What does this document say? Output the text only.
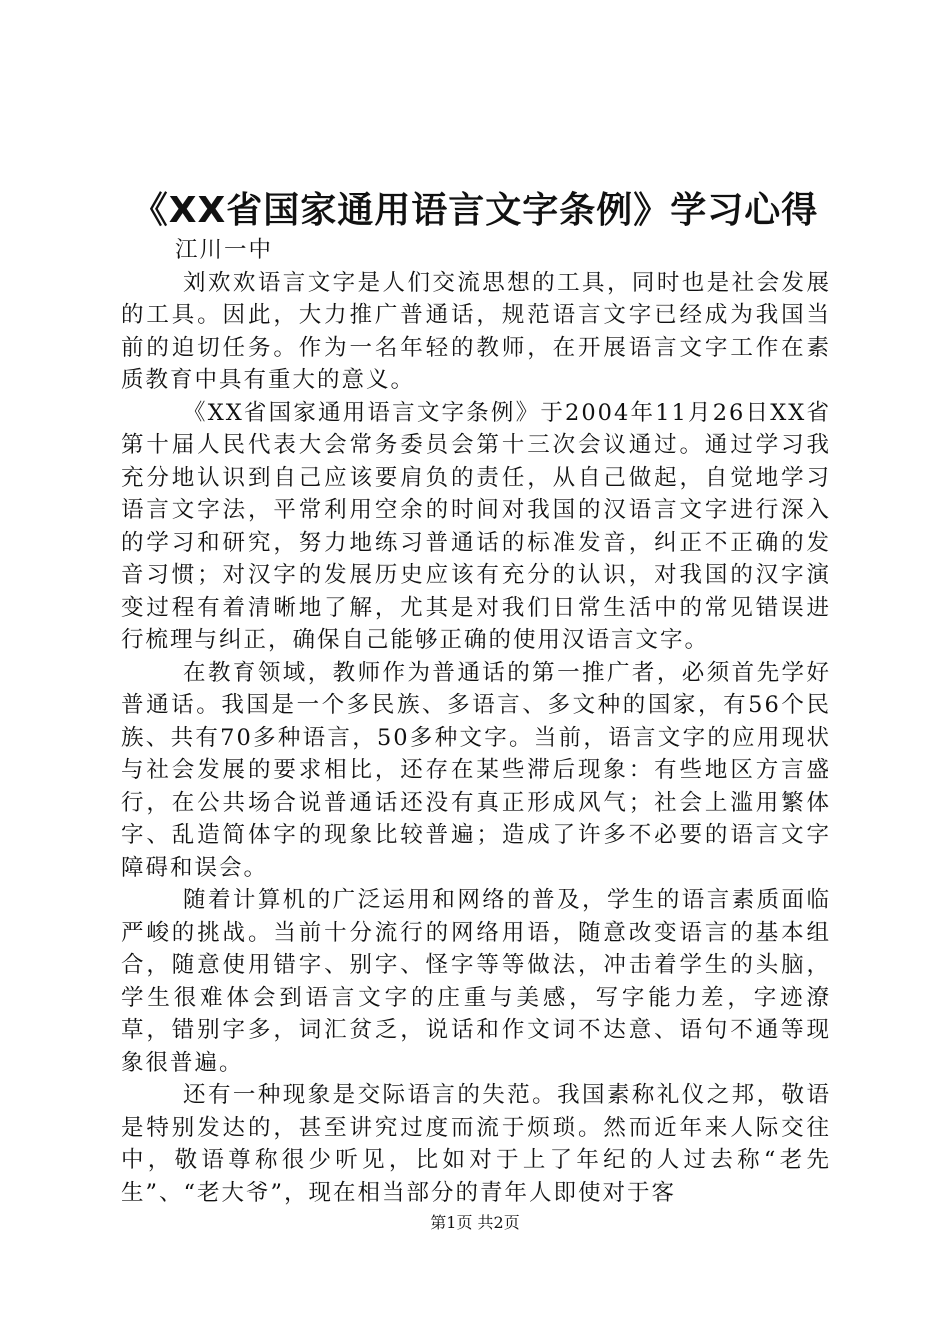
《XX省国家通用语言文字条例》学习心得

江川一中

刘欢欢语言文字是人们交流思想的工具，同时也是社会发展的工具。因此，大力推广普通话，规范语言文字已经成为我国当前的迫切任务。作为一名年轻的教师，在开展语言文字工作在素质教育中具有重大的意义。

《XX省国家通用语言文字条例》于2004年11月26日XX省第十届人民代表大会常务委员会第十三次会议通过。通过学习我充分地认识到自己应该要肩负的责任，从自己做起，自觉地学习语言文字法，平常利用空余的时间对我国的汉语言文字进行深入的学习和研究，努力地练习普通话的标准发音，纠正不正确的发音习惯；对汉字的发展历史应该有充分的认识，对我国的汉字演变过程有着清晰地了解，尤其是对我们日常生活中的常见错误进行梳理与纠正，确保自己能够正确的使用汉语言文字。

在教育领域，教师作为普通话的第一推广者，必须首先学好普通话。我国是一个多民族、多语言、多文种的国家，有56个民族、共有70多种语言，50多种文字。当前，语言文字的应用现状与社会发展的要求相比，还存在某些滞后现象：有些地区方言盛行，在公共场合说普通话还没有真正形成风气；社会上滥用繁体字、乱造简体字的现象比较普遍；造成了许多不必要的语言文字障碍和误会。

随着计算机的广泛运用和网络的普及，学生的语言素质面临严峻的挑战。当前十分流行的网络用语，随意改变语言的基本组合，随意使用错字、别字、怪字等等做法，冲击着学生的头脑，学生很难体会到语言文字的庄重与美感，写字能力差，字迹潦草，错别字多，词汇贫乏，说话和作文词不达意、语句不通等现象很普遍。

还有一种现象是交际语言的失范。我国素称礼仪之邦，敬语是特别发达的，甚至讲究过度而流于烦琐。然而近年来人际交往中，敬语尊称很少听见，比如对于上了年纪的人过去称“老先生”、“老大爷”，现在相当部分的青年人即使对于客

第1页 共2页
